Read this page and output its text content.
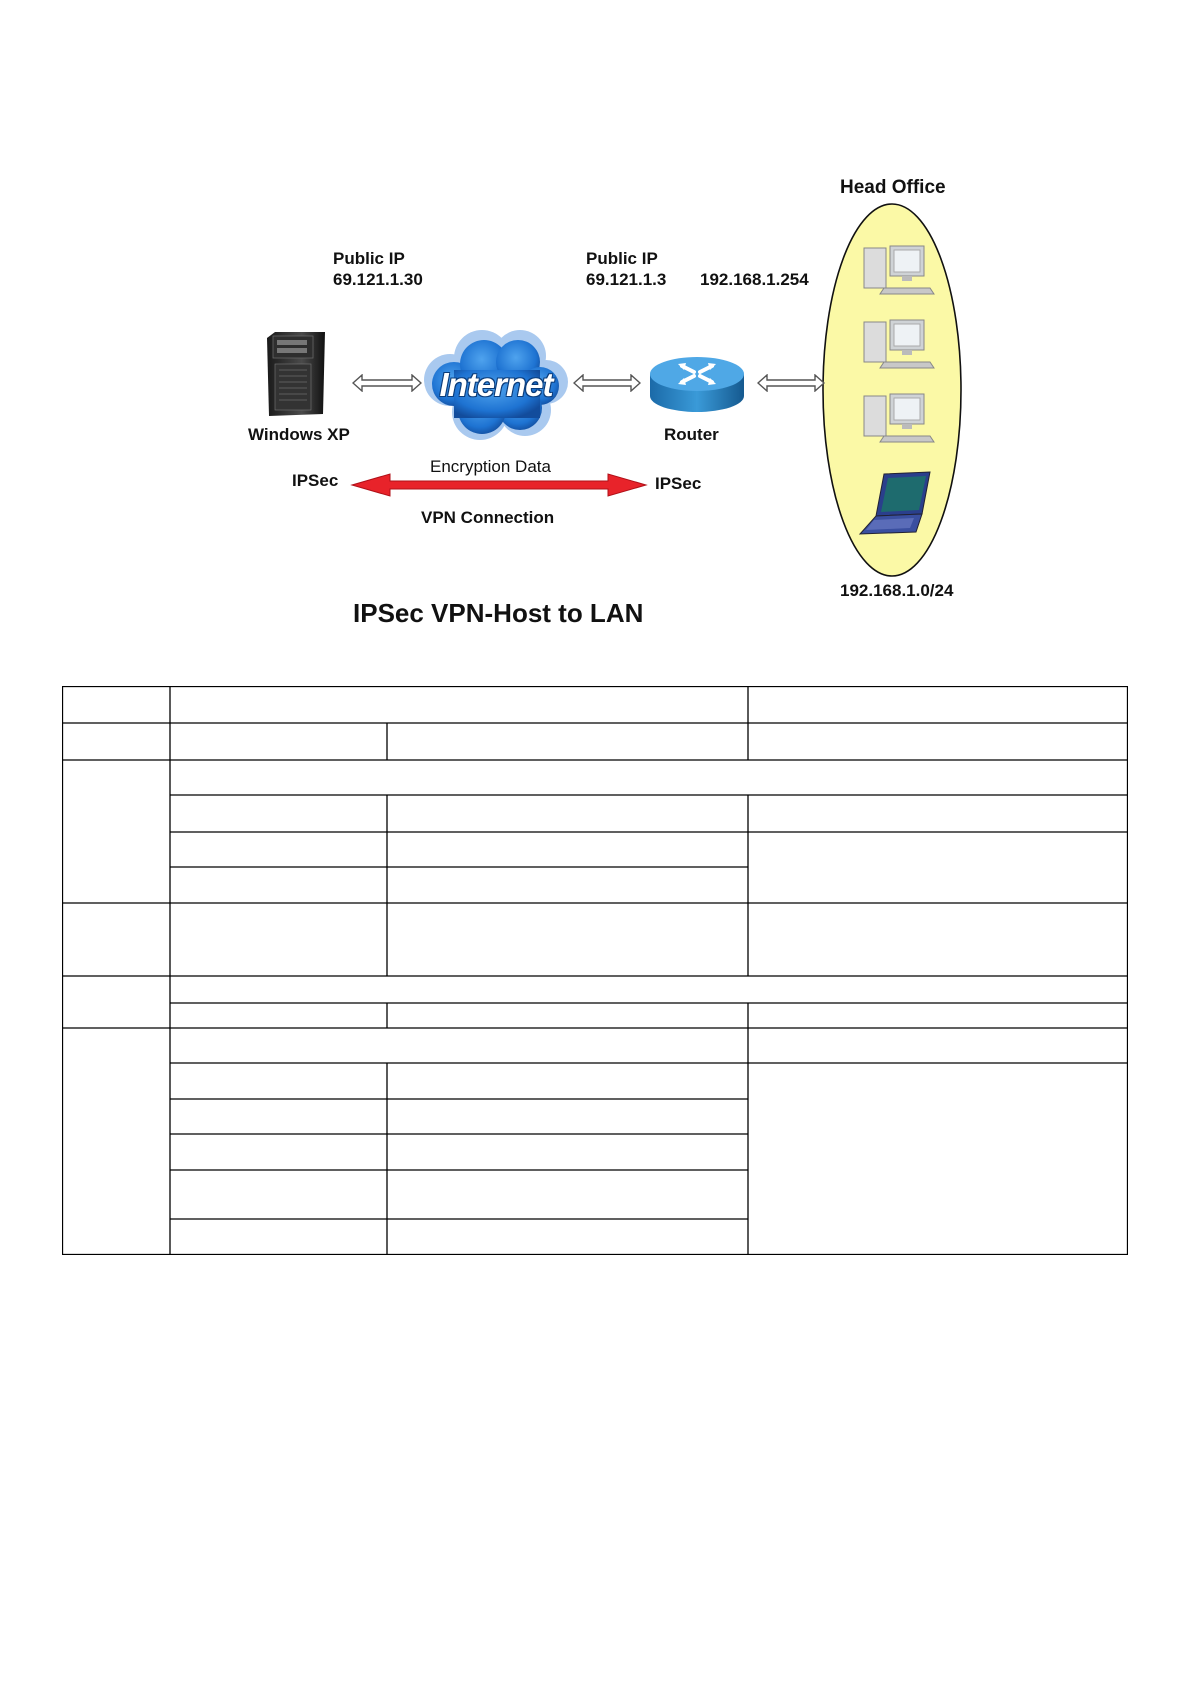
Internet
Public IP
69.121.1.30
Public IP
69.121.1.3 192.168.1.254
Head Office
Windows XP	Router
Encryption Data
IPSec	IPSec
VPN Connection
192.168.1.0/24
IPSec VPN-Host to LAN
